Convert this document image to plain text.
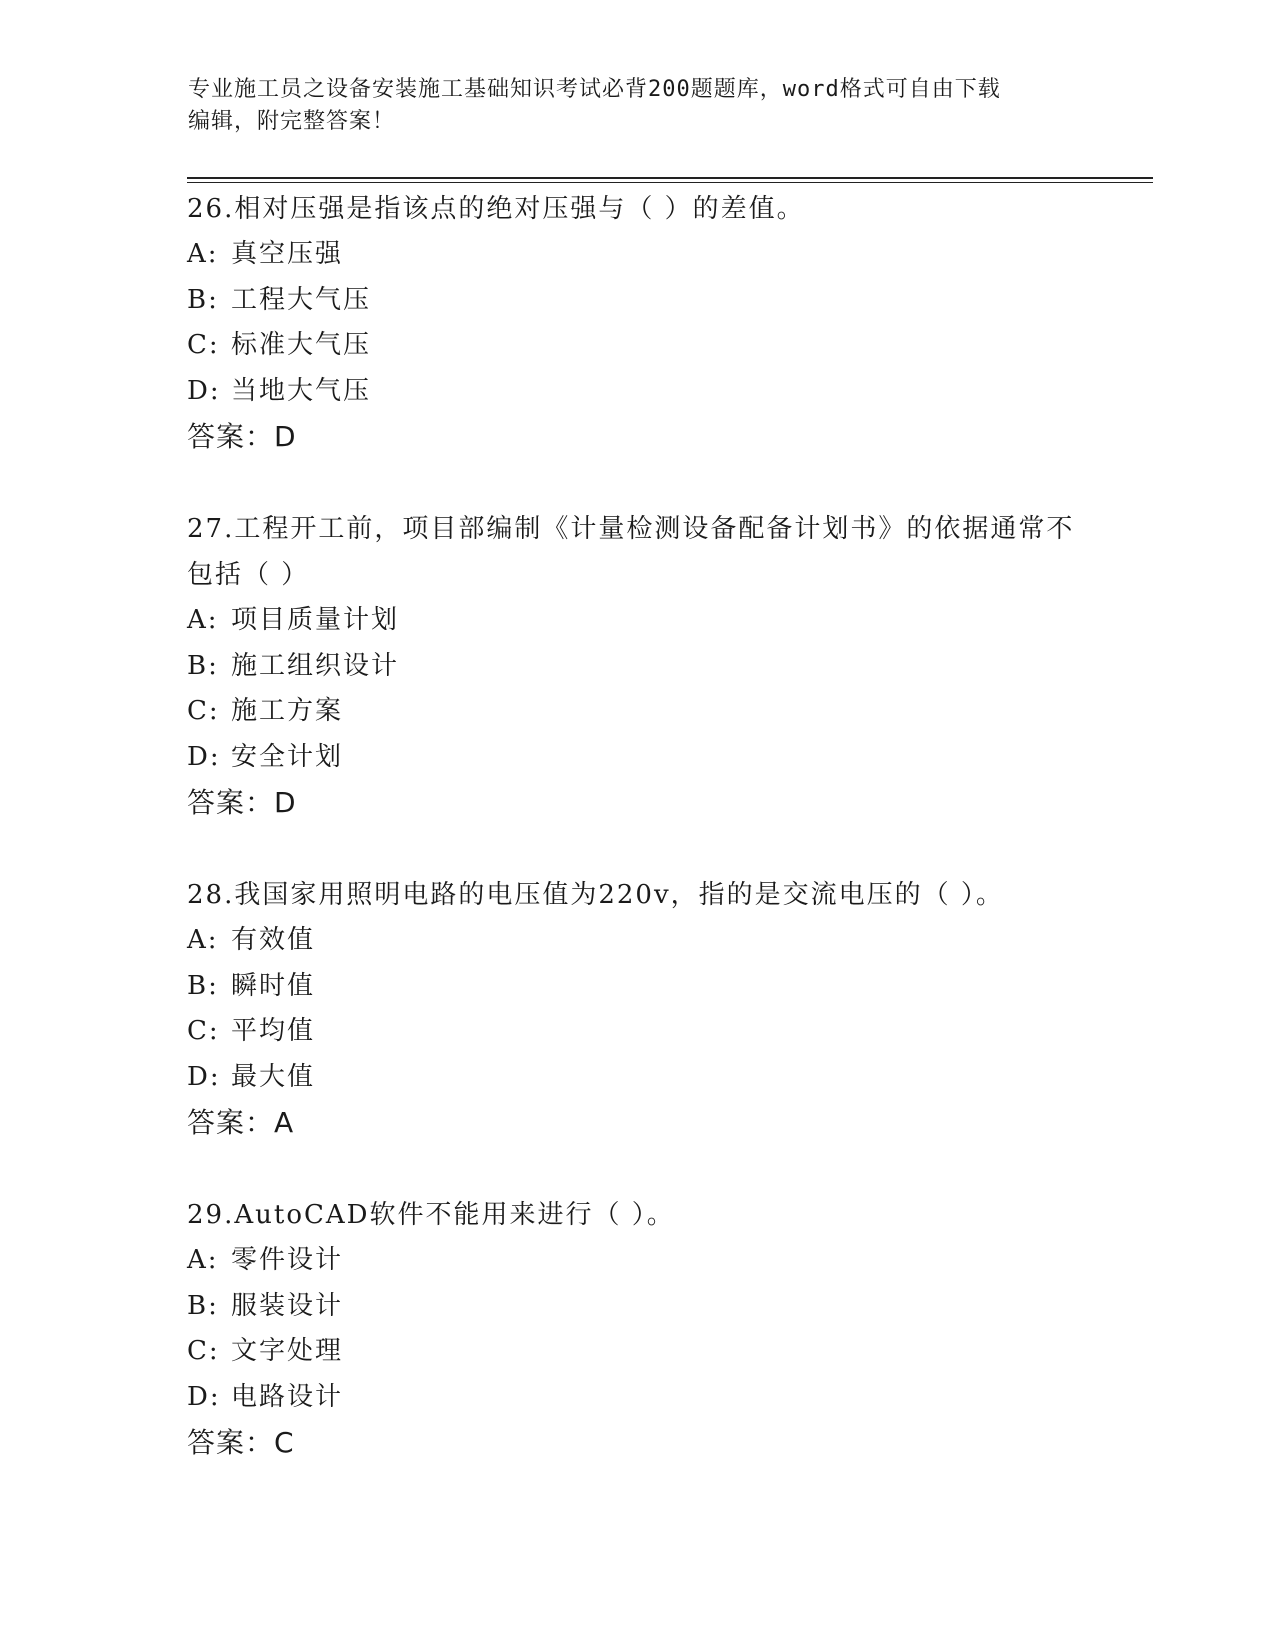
专业施工员之设备安装施工基础知识考试必背200题题库，word格式可自由下载
编辑，附完整答案！

26.相对压强是指该点的绝对压强与（ ）的差值。

A: 真空压强
B: 工程大气压
C: 标准大气压
D: 当地大气压
答案：D

27.工程开工前，项目部编制《计量检测设备配备计划书》的依据通常不包括（ ）

A: 项目质量计划
B: 施工组织设计
C: 施工方案
D: 安全计划
答案：D

28.我国家用照明电路的电压值为220v，指的是交流电压的（ ）。

A: 有效值
B: 瞬时值
C: 平均值
D: 最大值
答案：A

29.AutoCAD软件不能用来进行（ ）。

A: 零件设计
B: 服装设计
C: 文字处理
D: 电路设计
答案：C
